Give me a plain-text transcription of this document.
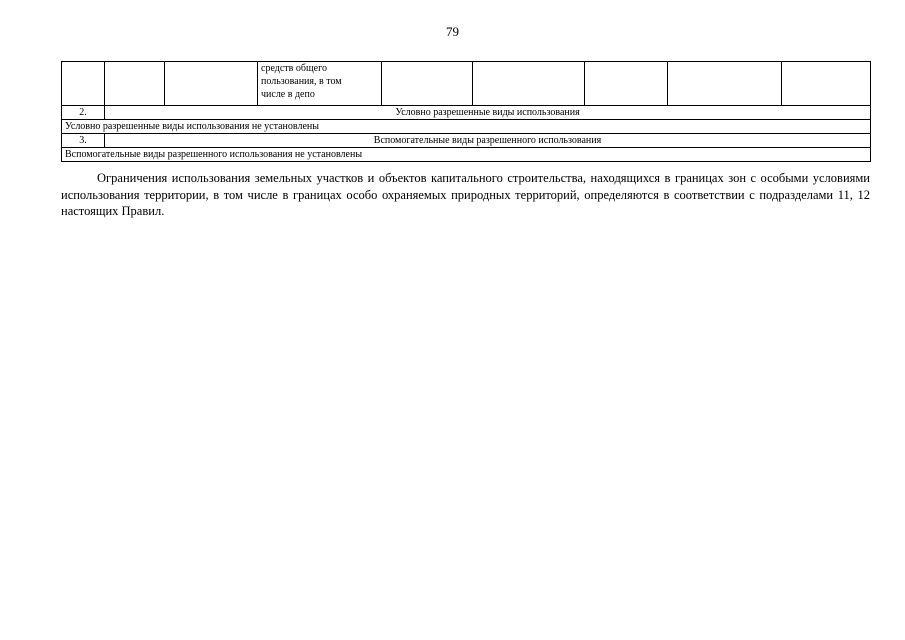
79

			средств общего
пользования, в том
числе в депо					

2.	Условно разрешенные виды использования							
Условно разрешенные виды использования не установлены								
3.	Вспомогательные виды разрешенного использования							
Вспомогательные виды разрешенного использования не установлены								

Ограничения использования земельных участков и объектов капитального строительства, находящихся в границах зон с особыми условиями использования территории, в том числе в границах особо охраняемых природных территорий, определяются в соответствии с подразделами 11, 12 настоящих Правил.
